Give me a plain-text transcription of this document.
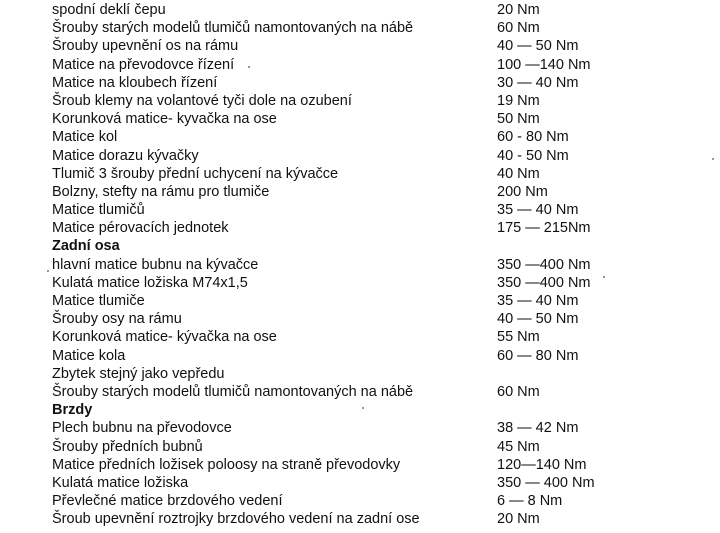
spodní deklí čepu	20 Nm
Šrouby starých modelů tlumičů namontovaných na nábě	60 Nm
Šrouby upevnění os na rámu	40 — 50 Nm
Matice na převodovce řízení	100 —140 Nm
Matice na kloubech řízení	30 — 40 Nm
Šroub klemy na volantové tyči dole na ozubení	19 Nm
Korunková matice- kyvačka na ose	50 Nm
Matice kol	60 - 80 Nm
Matice dorazu kývačky	40 - 50 Nm
Tlumič 3 šrouby přední uchycení na kývačce	40 Nm
Bolzny, stefty na rámu pro tlumiče	200 Nm
Matice tlumičů	35 — 40 Nm
Matice pérovacích jednotek	175 — 215Nm
Zadní osa
hlavní matice bubnu na kývačce	350 —400 Nm
Kulatá matice ložiska M74x1,5	350 —400 Nm
Matice tlumiče	35 — 40 Nm
Šrouby osy na rámu	40 — 50 Nm
Korunková matice- kývačka na ose	55 Nm
Matice kola	60 — 80 Nm
Zbytek stejný jako vepředu
Šrouby starých modelů tlumičů namontovaných na nábě	60 Nm
Brzdy
Plech bubnu na převodovce	38 — 42 Nm
Šrouby předních bubnů	45 Nm
Matice předních ložisek poloosy na straně převodovky	120—140 Nm
Kulatá matice ložiska	350 — 400 Nm
Převlečné matice brzdového vedení	6 — 8 Nm
Šroub upevnění roztrojky brzdového vedení na zadní ose	20 Nm
